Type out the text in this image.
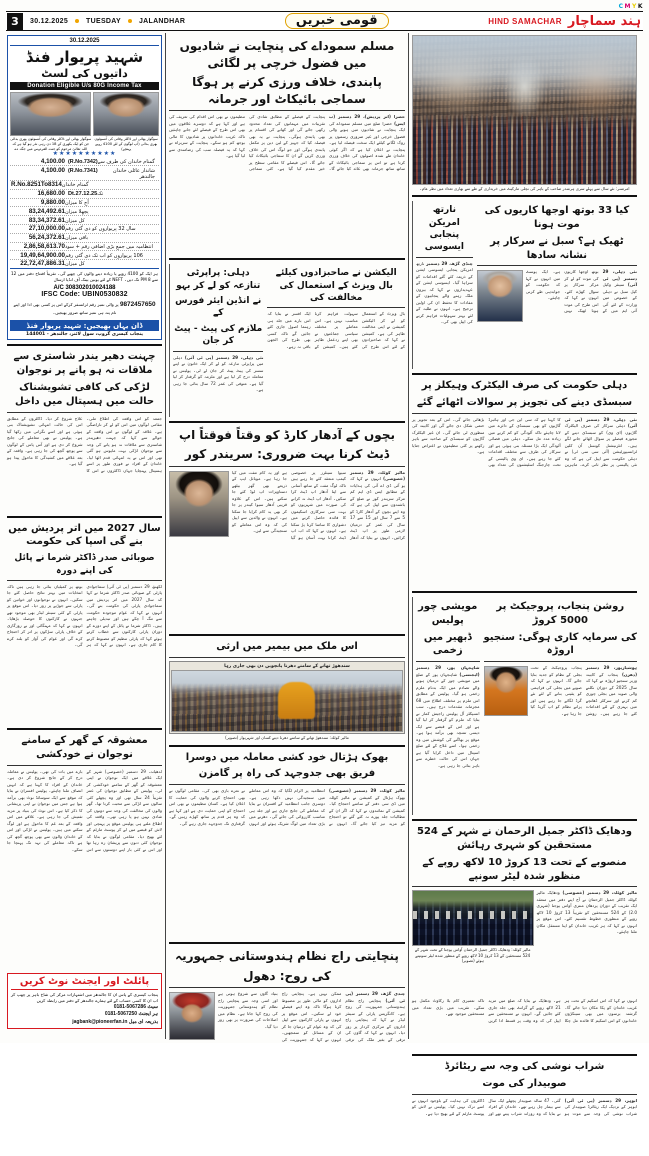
C M Y K
3	30.12.2025	TUESDAY	JALANDHAR	قومی خبریں	HIND SAMACHAR ہند سماچار
30.12.2025
شہید پریوار فنڈ
داتیوں کی لسٹ
Donation Eligible U/s 80G Income Tax
سوگوار بھائی اور ڈاکٹر وفاتی کی آنسوئوں بھری بدائی جن کو ایک بکھری کے 18 دن رہی نذر ہو گیا ہے کہ اللہ تعالیٰ مرحوم کو جنت الفردوس میں جگہ دے
سوگوار بھائی اور ڈاکٹر وفاتی کی آنسوئوں بھری بدائی (آپ لوگوں کے لئے 4100 روپے پہنچے)
★★★★★★★★★★
4,100.00 (R.No.7342) گمنام خاندان کی طرف سے
4,100.00 (R.No.7341)	شاندار عائلی خاندان جالندھر
R.No.8251To8314 گمنام خاندان
16,680.00 Dt.27.12.25 تک
9,880.00 آج کا میزان
83,24,492.61 پچھلا میزان
83,34,372.61 کل میزان
27,10,000.00 سال 32 پریواروں کو دی گئی رقم
56,24,372.61 باقی میزان
2,86,58,613.70 انتظامیہ میں جمع بڑی اضافی رقم + سود
19,49,64,900.00 106 پریواروں کو اب تک دی گئی رقم
22,72,47,886.31 کل میزان
ہر ایک کو 4100 روپے یا زیادہ دینے والوں کی چھپے گی۔ تقریباً افتتاح دفتر میں 12 سے 8 PM تک دیں۔ NEFT کے لئے یونین بینک آف انڈیا ارسال
A/C 308302010024188
IFSC Code: UBIN0530832
9872457650 پر والی نمبر رقم ٹرانسفر کرکے اس پر کسی بھی ادا اور اپنے نام پتہ ہی نمبر ساتھ ضرور بھیجیں۔
ڈان یہاں بھیجیں: شہید پریوار فنڈ
پنجاب کیسری گروپ، سول لائنز، جالندھر - 144001
چہنت دھیر یندر شاستری سے ملاقات نہ ہو پانے پر نوجوان
لڑکی کی کافی تشویشناک حالت میں ہسپتال میں داخل
جمعہ کو اس واقعہ کی اطلاع ملی۔ مقامی لوگوں میں اس کو لے کر ناراضگی ہے۔ علاقہ کے لوگوں نے اس واقعہ کے حوالے سے کہا کہ چہنت دھیریندر شاستری سے ملاقات نہ ہو پانے کی وجہ سے نوجوان لڑکی بہت مایوس ہو گئی تھی اور اس نے یہ انتہائی قدم اٹھا لیا۔ خاندان کے افراد نے فوری طور پر اسے ہسپتال پہنچایا جہاں ڈاکٹروں نے اس کا علاج شروع کر دیا۔ ڈاکٹروں کے مطابق اس کی حالت انتہائی تشویشناک بنی ہوئی ہے اور اسے نگرانی میں رکھا گیا ہے۔ پولیس نے بھی معاملے کی جانچ شروع کر دی ہے اور آس پاس کے لوگوں سے پوچھ گچھ کی جا رہی ہے۔ واقعہ کے بعد علاقے میں کشیدگی کا ماحول پیدا ہو گیا ہے۔
سال 2027 میں اتر پردیش میں بنے گی اسپا کی حکومت
صوبائی صدر ڈاکٹر شرما نے پائل کی اپنے دورہ
لکھنؤ، 29 دسمبر (پی ٹی آئی) سماجوادی پارٹی کے صوبائی صدر ڈاکٹر شرما نے کہا کہ سال 2027 میں اتر پردیش میں سماجوادی پارٹی کی حکومت بنے گی۔ انہوں نے کہا کہ عوام موجودہ حکومت سے تنگ آ چکے ہیں اور تبدیلی چاہتے ہیں۔ ڈاکٹر شرما نے پائل کے اپنے دورے کے دوران پارٹی کارکنوں سے خطاب کرتے ہوئے کہا کہ پارٹی تنظیم کو مضبوط کرنے کا کام جاری ہے۔ انہوں نے کہا کہ ہر بوتھ پر کمیٹیاں بنائی جا رہی ہیں تاکہ انتخابات میں بہتر نتائج حاصل کئے جا سکیں۔ انہوں نے نوجوانوں اور خواتین کو پارٹی سے جوڑنے پر زور دیا۔ اس موقع پر پارٹی کے کئی سینئر لیڈر بھی موجود تھے جنہوں نے کارکنوں کا حوصلہ بڑھایا۔ انہوں نے کہا کہ مہنگائی اور بے روزگاری کے خلاف پارٹی سڑکوں پر اتر کر احتجاج کرے گی اور عوام کی آواز کو بلند کرے گی۔
معشوقہ کے گھر کے سامنے نوجوان نے خودکشی
لدھیانہ، 29 دسمبر (خصوصی) شہر کے ایک علاقے میں ایک نوجوان نے اپنی معشوقہ کے گھر کے سامنے خودکشی کر لی۔ پولیس کے مطابق نوجوان کی عمر تقریباً 24 سال تھی اور وہ پچھلے کئی سالوں سے لڑکی سے محبت کرتا تھا۔ گھر والوں کی مخالفت کی وجہ سے دونوں کی شادی نہیں ہو پا رہی تھی۔ واقعہ کی اطلاع ملتے ہی پولیس موقع پر پہنچی اور لاش کو قبضے میں لے کر پوسٹ مارٹم کے لئے بھیج دیا۔ مقامی لوگوں نے بتایا کہ نوجوان کئی دنوں سے پریشان رہ رہا تھا اور اس نے کئی بار اپنے دوستوں سے اس بارے میں بات کی تھی۔ پولیس نے معاملہ درج کر کے جانچ شروع کر دی ہے۔ خاندان کے افراد کا کہنا ہے کہ انہیں انصاف ملنا چاہئے۔ پولیس افسران نے بتایا کہ موقع سے ایک سوسائڈ نوٹ بھی برآمد ہوا ہے جس میں نوجوان نے اپنی پریشانی کا ذکر کیا ہے۔ اس نوٹ کی بنیاد پر مزید تفتیش کی جا رہی ہے۔ علاقے میں اس واقعہ کے بعد غم کا ماحول ہے اور لوگ سکتے میں ہیں۔ پولیس نے لڑکی اور اس کے خاندان والوں سے بھی پوچھ گچھ کی ہے تاکہ معاملے کی تہہ تک پہنچا جا سکے۔
پائلٹ اور ایجنٹ نوٹ کریں
پنجاب کیسری کے پاس ان کا جالندھر میں اشتہارات مرکز کی شاخ باہر پر چھپ کر اب ان کا کسی حساب کے لئے ہمارے جالندھر کے دفتر میں رابطہ کریں
0181-5067286 سیٹ
0181-5067250 ہر ایجنٹ
jagbank@pioneerfan.in بذریعہ ای میل
مسلم سموداے کی پنچایت نے شادیوں میں فضول خرچی پر لگائی
پابندی، خلاف ورزی کرنے پر ہوگا سماجی بائیکاٹ اور جرمانہ
حضرا (اتر پردیش)، 29 دسمبر (ب ایس) حضرا ضلع میں مسلم سموداے کی ایک پنچایت نے شادیوں میں ہونے والی فضول خرچی اور غیر ضروری رسموں پر روک لگانے کیلئے ایک سخت فیصلہ لیا ہے۔ پنچایت نے اعلان کیا ہے کہ اگر کوئی خاندان طے شدہ اصولوں کی خلاف ورزی کرتا ہے تو اس پر سماجی بائیکاٹ کے ساتھ ساتھ جرمانہ بھی عائد کیا جائے گا۔ پنچایت کے فیصلے کے مطابق شادی کی تقریبات میں مہمانوں کی تعداد محدود رکھی جائے گی اور کھانے کی اقسام پر بھی پابندی ہوگی۔ پنچایت نے یہ بھی فیصلہ کیا کہ جہیز کے لین دین پر مکمل پابندی ہوگی اور جو لوگ اس کی خلاف ورزی کریں گے ان کا سماجی بائیکاٹ کیا جائے گا۔ اس فیصلے کا مقامی سطح پر خیر مقدم کیا گیا ہے۔ کئی سماجی تنظیموں نے بھی اس اقدام کی تعریف کی ہے اور کہا ہے کہ دوسرے علاقوں میں بھی اس طرح کے فیصلے لئے جانے چاہئیں تاکہ غریب خاندانوں پر شادیوں کا مالی بوجھ کم ہو سکے۔ پنچایت کے سربراہ نے کہا کہ یہ فیصلہ سب کی رضامندی سے لیا گیا ہے۔
دہلی: پراپرٹی تنازعہ کو لے کر بہو
نے انڈین ایئر فورس کے
ملازم کی پیٹ - پیٹ کر جان
نئی دہلی، 29 دسمبر (پی ٹی آئی) دہلی میں پراپرٹی تنازعہ کو لے کر ایک خاتون نے اپنے سسر کی پیٹ پیٹ کر جان لے لی۔ پولیس نے معاملہ درج کر لیا ہے اور ملزمہ کو گرفتار کر لیا گیا ہے۔ متوفی کی عمر 72 سال بتائی جا رہی ہے۔
الیکشن نے صاحبزادوں کیلئے بال ویزٹ کے استعمال کی مخالفت کی
بال ویزٹ کے استعمال کو لے کر الیکشن کمیشن نے اپنی مخالفت ظاہر کی ہے۔ کمیشن نے کہا کہ صاحبزادوں کے لئے اس طرح کی سہولت فراہم کرنا مناسب نہیں ہے۔ اس معاملے پر مختلف سیاسی جماعتوں نے بھی اپنے ردعمل ظاہر کئے ہیں۔ کمیشن کے ایک افسر نے بتایا کہ اس بارے میں جلد ہی رہنما اصول جاری کئے جائیں گے تاکہ کسی بھی طرح کی الجھن باقی نہ رہے۔
بچوں کے آدھار کارڈ کو وقتاً فوقتاً اپ
ڈیٹ کرنا بہت ضروری: سریندر کور
مالیر کوٹلہ، 29 دسمبر (خصوصی) انہوں نے کہا کہ یو آئی ڈی اے آئی کی ہدایات کے مطابق ایس ڈی ایم کم مرکز سریندر کور نے ضلع کے باشندوں سے اپیل کی ہے کہ وہ اپنے بچوں کے آدھار کارڈ کو 5 سے 7 سال اور 15 سے 17 سال کی عمر کے درمیان لازمی طور پر اپ ڈیٹ کرائیں۔ انہوں نے بتایا کہ آدھار سیوا سینٹرز پر خصوصی کیمپ منعقد کئے جا رہے ہیں تاکہ لوگ مفت کے ساتھ آسانی سے اپنا آدھار اپ ڈیٹ کرا سکیں۔ آدھار اپ ڈیٹ نہ کرانے کی صورت میں شہریوں کو بہت سی سرکاری اسکیموں کا فائدہ حاصل کرنے میں دشواری کا سامنا کرنا پڑ سکتا ہے۔ انہوں نے کہا کہ اب اپ ڈیٹ کرانا بہت آسان ہو گیا ہے اور یہ کام مفت میں کیا جا رہا ہے۔ موبائل ایپ کے ذریعے بھی گھر بیٹھے دستاویزات اپ لوڈ کئے جا سکتے ہیں۔ اس کے علاوہ قریبی آدھار سیوا کیندر پر جا کر بھی یہ کام کرایا جا سکتا ہے۔ انہوں نے والدین سے اپیل کی کہ وہ اس معاملے کو سنجیدگی سے لیں۔
اس ملک میں بیمیر میں ارثی
سندھوڑ تھانے کے سامنے دھرنا پانچویں دن بھی جاری رہا
مالیر کوٹلہ: سندھوڑ تھانے کے سامنے دھرنا دیتے کسان اور شہریوار (تصویر)
بھوک ہڑتال خود کشی معاملہ میں دوسرا
فریق بھی جدوجہد کی راہ پر گامزن
مالیر کوٹلہ، 29 دسمبر (خصوصی) بھوک ہڑتال کے کمیشن نے مالیر کوٹلہ میں ڈی سی دفتر کے سامنے احتجاج کیا۔ کمیشن کے نمائندوں نے کہا کہ اگر ان کے مطالبات جلد پورے نہ کئے گئے تو احتجاج کو مزید تیز کیا جائے گا۔ انہوں نے انتظامیہ پر الزام لگایا کہ وہ اس معاملے میں سنجیدگی نہیں دکھا رہی ہے۔ دوسری جانب انتظامیہ کے افسران نے بتایا کہ معاملے کی جانچ جاری ہے اور جلد ہی مناسب کارروائی کی جائے گی۔ دھرنے میں بڑی تعداد میں لوگ شریک ہوئے اور انہوں نے نعرے بازی بھی کی۔ مقامی لوگوں نے بھی احتجاج کرنے والوں کی حمایت کا اعلان کیا ہے۔ کسان تنظیموں نے بھی اس احتجاج کو اپنی حمایت دی ہے اور کہا ہے کہ وہ ہر قدم پر ساتھ کھڑے رہیں گے۔ گرفتاری تک جدوجہد جاری رہے گی۔
پنچایتی راج نظام ہندوستانی جمہوریہ
کی روح: دھول
چندی گڑھ، 29 دسمبر (پی ٹی آئی) پنچایتی راج نظام ہندوستانی جمہوریت کی روح ہے۔ کانگریس پارٹی کے سینئر لیڈر نے کہا کہ پنچایتی راج اداروں کے مرکزی کردار پر زور دیا۔ انہوں نے کہا کہ گاوں کی ترقی کے بغیر ملک کی ترقی ممکن نہیں ہے۔ پنچایتی راج اداروں کو مالی طور پر مضبوط کرنا ہوگا تاکہ وہ اپنے فیصلے خود لے سکیں۔ اس موقع پر انہوں نے پارٹی کارکنوں سے اپیل کی کہ وہ عوام کے درمیان جا کر ان کے مسائل کو سمجھیں۔ انہوں نے کہا کہ جمہوریت کی بنیاد گاوں سے شروع ہوتی ہے اور اسی وجہ سے پنچایتی راج نظام کو ہندوستانی جمہوریت کی روح کہا جاتا ہے۔ نظام میں اصلاحات کی ضرورت پر بھی زور دیا گیا۔
امرتسر: نئے سال سے پہلے سری ہرمندر صاحب کے باہر کی نچلی مارکیٹ میں خریداری کے طے سے بھاری تعداد میں نظر عام۔
نارتھ امریکن پنجابی ایسوسی
چنڈی گڑھ، 29 دسمبر نارتھ امریکن پنجابی ایسوسی ایشن کے ذریعہ کئے گئے اقدامات کو سراہا گیا۔ ایسوسی ایشن کے عہدیداروں نے کہا کہ بیرون ملک رہنے والے پنجابیوں کے مفادات کا تحفظ ان کی اولین ترجیح ہے۔ انہوں نے طلبہ کے لئے بہتر سہولیات فراہم کرنے کی اپیل بھی کی۔
کیا 33 بوتھ اوجھا کاریوں کی موت ہونا
ٹھیک ہے؟ سبل نے سرکار پر نشانہ سادھا
نئی دہلی، 29 دسمبر (پی ٹی آئی) سینئر وکیل کپل سبل نے دہلی کے خصوص میں وزارت کے لئے آئی آئی ایم میں کے بوتھ اوجھا کاریوں کی موت کو لے کر مرکز سرکار پر سوال کھڑے کئے۔ انہوں نے کہا کہ اس طرح کی موت ہونا ٹھیک نہیں ہے۔ ایک پوسٹ میں انہوں نے کہا کہ حکومت کو جوابدہی طے کرنی چاہئے۔
دہلی حکومت کی صرف الیکٹرک وہیکلز پر
سبسڈی دینے کی تجویز پر سوالات اٹھائے گئے
نئی دہلی، 29 دسمبر (پی ٹی آئی) دہلی سرکار کی صرف الیکٹرک گاڑیوں (ای وی) کو سبسڈی دینے کے مجوزہ فیصلے پر سوال اٹھائے جانے لگے ہیں۔ انٹرنیشنل کونسل آن کلین ٹرانسپورٹیشن (آئی سی سی ٹی) نے دہلی حکومت سے اپیل کی ہے کہ وہ نئی پالیسی پر نظر ثانی کرے۔ ماہرین کا کہنا ہے کہ سی این جی اور ہائبرڈ گاڑیوں کو بھی سبسڈی کے دائرے میں لانا چاہئے تاکہ آلودگی کو کم کرنے میں زیادہ مدد مل سکے۔ دہلی میں فضائی آلودگی ایک بڑا مسئلہ بنی ہوئی ہے اور سرکار کی طرف سے مختلف اقدامات کئے جا رہے ہیں۔ ای وی پالیسی کے تحت چارجنگ اسٹیشنوں کی تعداد بھی بڑھائی جائے گی۔ اس کے بعد تجویز پر حتمی شکل دی جائے گی اور کابینہ کی منظوری لی جائے گی۔ ان غیر الیکٹرک گاڑیوں کو سبسڈی کے صاحبہ سے باہر رکھنے پر کئی تنظیموں نے اعتراض جتایا ہے۔
مویشی چور پولیس
ڈبھیر میں زخمی
شاہجہاں پور، 29 دسمبر (ایجنسی) شاہجہاں پور کے ضلع میں مویشی چور کے درمیان ہونے والے تصادم میں ایک بدنام ملزم زخمی ہو گیا۔ پولیس کے مطابق اس ملزم پر مختلف اطلاع میں 68 مجرمانہ مقدمات درج ہیں۔ سب انسپکٹر آل پولیس راجیش کمار نے بتایا کہ ملزم کو گرفتار کر لیا گیا ہے اور اس کے قبضے سے ایک دیسی تمنچہ بھی برآمد ہوا ہے۔ موقع پر بھاگنے کی کوشش میں وہ زخمی ہوا۔ اسے علاج کے لئے ضلع اسپتال میں داخل کرایا گیا ہے جہاں اس کی حالت خطرے سے باہر بتائی جا رہی ہے۔
روشن پنجاب، پروجیکٹ پر 5000 کروڑ
کی سرمایہ کاری ہوگی: سنجیو اروڑہ
ہوشیارپور، 29 دسمبر (دھرن) پنجاب کے کابینہ وزیر سنجیو اروڑہ نے کہا کہ سال 2025 کے دوران نکلنے والی صوبہ میں بجلی چوری کم کرنے اور سرکلر ڈھانچے میں بہتری کے لئے اقدامات کئے جا رہے ہیں۔ روشن پنجاب پروجیکٹ کے تحت بجلی کے نظام کو جدید بنایا جائے گا۔ انہوں نے کہا کہ صوبے میں بجلی کی فراہمی کو یقینی بنانے کے لئے نئے گرڈ لگائے جا رہے ہیں اور پرانے نظام کو اپ گریڈ کیا جا رہا ہے۔
ودھایک ڈاکٹر جمیل الرحمان نے شہر کے 524 مستحقین کو شہری رہائش
منصوبے کے تحت 13 کروڑ 10 لاکھ روپے کے منظور شدہ لیٹر سونپے
مالیر کوٹلہ: ودھایک ڈاکٹر جمیل الرحمان آواس یوجنا کے تحت شہر کے 524 مستحقین کے 13 کروڑ 10 لاکھ روپے کے منظور شدہ لیٹر سونپتے ہوئے (تصویر)
مالیر کوٹلہ، 29 دسمبر (خصوصی) ودھایک مالیر کوٹلہ ڈاکٹر جمیل الرحمان نے آج اپنے دفتر میں منعقد ایک تقریب کے دوران پردھان منتری آواس یوجنا (شہری 2.0) کے 524 مستحقین کو تقریباً 13 کروڑ 10 لاکھ روپے کے منظوری خطوط تقسیم کئے۔ اس موقع پر انہوں نے کہا کہ ہر غریب خاندان کو اپنا مستقل مکان ملنا چاہئے۔
انہوں نے کہا کہ اس اسکیم کے تحت ہر غریب خاندان کو پکا مکان دیا جائے گا۔ گزشتہ برسوں میں بھی سینکڑوں خاندانوں کو اس اسکیم کا فائدہ مل چکا ہے۔ ودھایک نے بتایا کہ ضلع میں مزید 21 لاکھ روپے کے گرانٹ بھی جلد جاری کئے جائیں گے۔ انہوں نے مستحقین سے اپیل کی کہ وہ وقت پر قسط ادا کریں تاکہ تعمیری کام بلا رکاوٹ مکمل ہو سکے۔ تقریب میں بڑی تعداد میں مستحقین موجود تھے۔
شراب نوشی کی وجہ سے ریٹائرڈ
صوبیدار کی موت
ابوہر، 29 دسمبر (پی ٹی آئی) ابوہر کے نزدیک ایک ریٹائرڈ صوبیدار کی شراب نوشی کی وجہ سے موت ہو گئی۔ 47 سالہ صوبیدار پچھلے ایک سال سے بیمار چل رہے تھے۔ خاندان کے افراد نے بتایا کہ وہ روزانہ شراب پیتے تھے اور ڈاکٹروں کی ہدایت کے باوجود انہوں نے اسے ترک نہیں کیا۔ پولیس نے لاش کو پوسٹ مارٹم کے لئے بھیج دیا ہے۔
